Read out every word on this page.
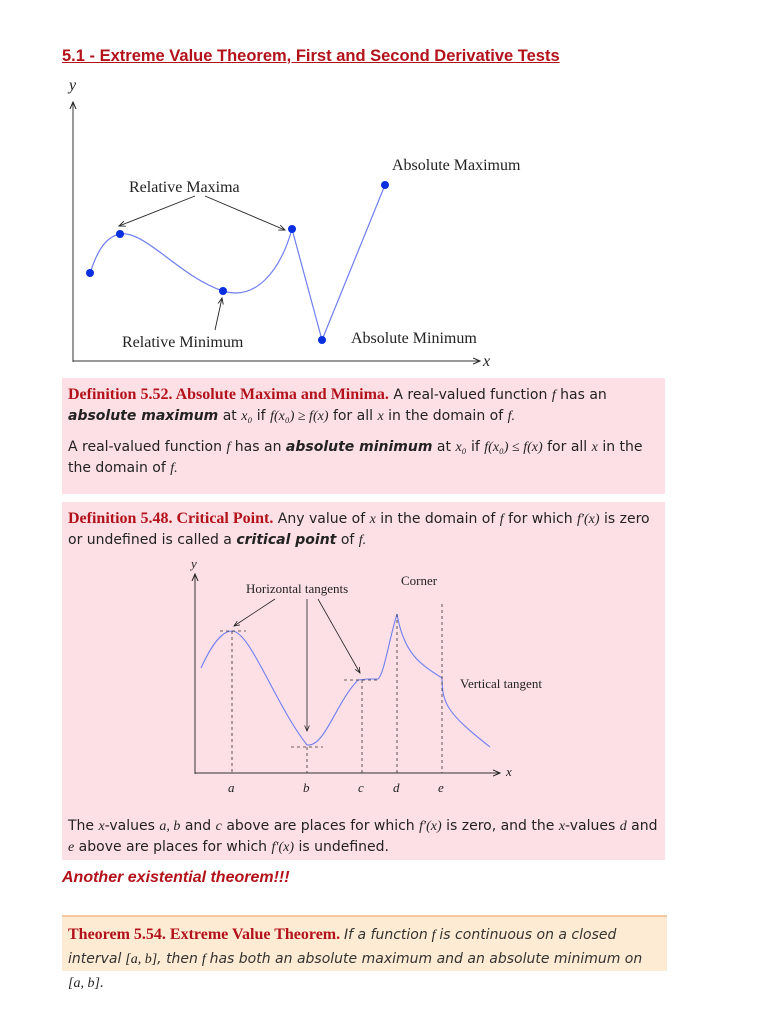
5.1 - Extreme Value Theorem, First and Second Derivative Tests
y
x
Relative Maxima
Relative Minimum
Absolute Maximum
Absolute Minimum

Definition 5.52. Absolute Maxima and Minima. A real-valued function f has an absolute maximum at x₀ if f(x₀) ≥ f(x) for all x in the domain of f.

A real-valued function f has an absolute minimum at x₀ if f(x₀) ≤ f(x) for all x in the the domain of f.

Definition 5.48. Critical Point. Any value of x in the domain of f for which f′(x) is zero or undefined is called a critical point of f.

y
x
Horizontal tangents
Corner
Vertical tangent
a	b	c d	e

The x-values a, b and c above are places for which f′(x) is zero, and the x-values d and e above are places for which f′(x) is undefined.

Another existential theorem!!!
Theorem 5.54. Extreme Value Theorem. If a function f is continuous on a closed interval [a, b], then f has both an absolute maximum and an absolute minimum on [a, b].
